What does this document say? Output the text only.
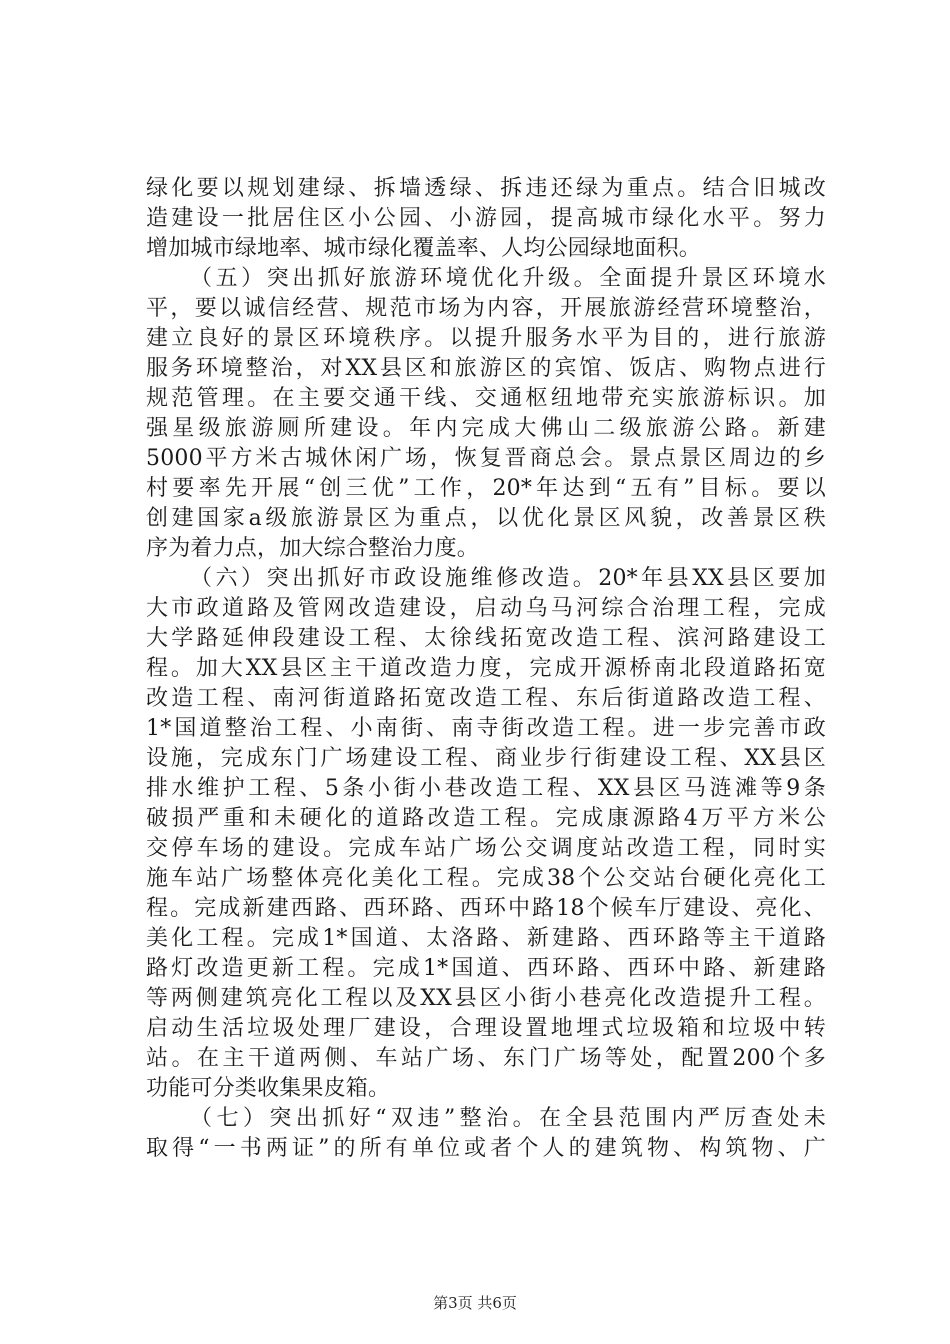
绿化要以规划建绿、拆墙透绿、拆违还绿为重点。结合旧城改
造建设一批居住区小公园、小游园，提高城市绿化水平。努力
增加城市绿地率、城市绿化覆盖率、人均公园绿地面积。
（五）突出抓好旅游环境优化升级。全面提升景区环境水
平，要以诚信经营、规范市场为内容，开展旅游经营环境整治，
建立良好的景区环境秩序。以提升服务水平为目的，进行旅游
服务环境整治，对XX县区和旅游区的宾馆、饭店、购物点进行
规范管理。在主要交通干线、交通枢纽地带充实旅游标识。加
强星级旅游厕所建设。年内完成大佛山二级旅游公路。新建
5000平方米古城休闲广场，恢复晋商总会。景点景区周边的乡
村要率先开展“创三优”工作，20*年达到“五有”目标。要以
创建国家a级旅游景区为重点，以优化景区风貌，改善景区秩
序为着力点，加大综合整治力度。
（六）突出抓好市政设施维修改造。20*年县XX县区要加
大市政道路及管网改造建设，启动乌马河综合治理工程，完成
大学路延伸段建设工程、太徐线拓宽改造工程、滨河路建设工
程。加大XX县区主干道改造力度，完成开源桥南北段道路拓宽
改造工程、南河街道路拓宽改造工程、东后街道路改造工程、
1*国道整治工程、小南街、南寺街改造工程。进一步完善市政
设施，完成东门广场建设工程、商业步行街建设工程、XX县区
排水维护工程、5条小街小巷改造工程、XX县区马涟滩等9条
破损严重和未硬化的道路改造工程。完成康源路4万平方米公
交停车场的建设。完成车站广场公交调度站改造工程，同时实
施车站广场整体亮化美化工程。完成38个公交站台硬化亮化工
程。完成新建西路、西环路、西环中路18个候车厅建设、亮化、
美化工程。完成1*国道、太洛路、新建路、西环路等主干道路
路灯改造更新工程。完成1*国道、西环路、西环中路、新建路
等两侧建筑亮化工程以及XX县区小街小巷亮化改造提升工程。
启动生活垃圾处理厂建设，合理设置地埋式垃圾箱和垃圾中转
站。在主干道两侧、车站广场、东门广场等处，配置200个多
功能可分类收集果皮箱。
（七）突出抓好“双违”整治。在全县范围内严厉查处未
取得“一书两证”的所有单位或者个人的建筑物、构筑物、广
第3页 共6页
